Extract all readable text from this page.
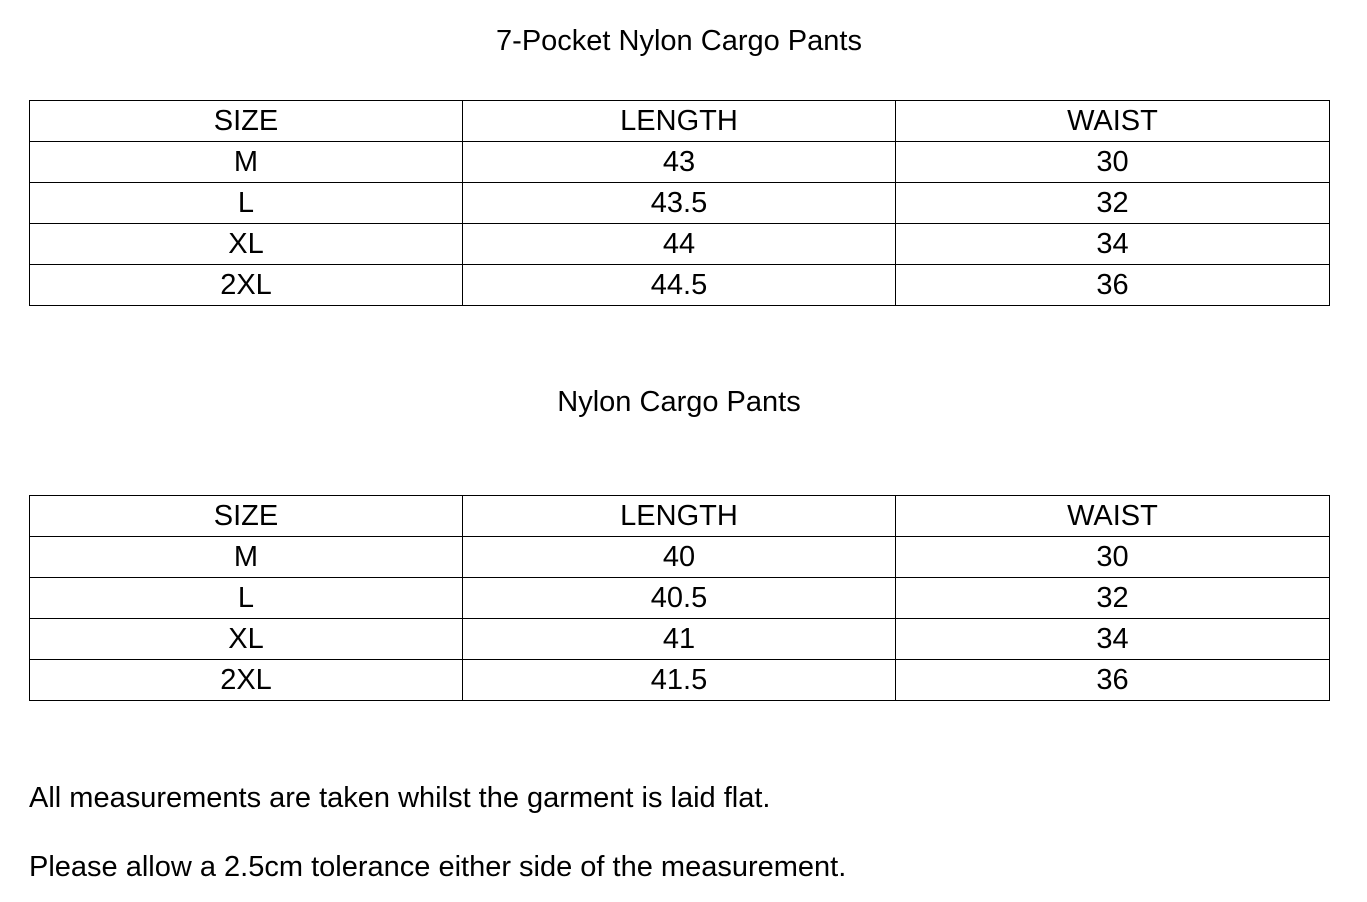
7-Pocket Nylon Cargo Pants
SIZE	LENGTH	WAIST
M	43	30
L	43.5	32
XL	44	34
2XL	44.5	36
Nylon Cargo Pants
SIZE	LENGTH	WAIST
M	40	30
L	40.5	32
XL	41	34
2XL	41.5	36
All measurements are taken whilst the garment is laid flat.
Please allow a 2.5cm tolerance either side of the measurement.
